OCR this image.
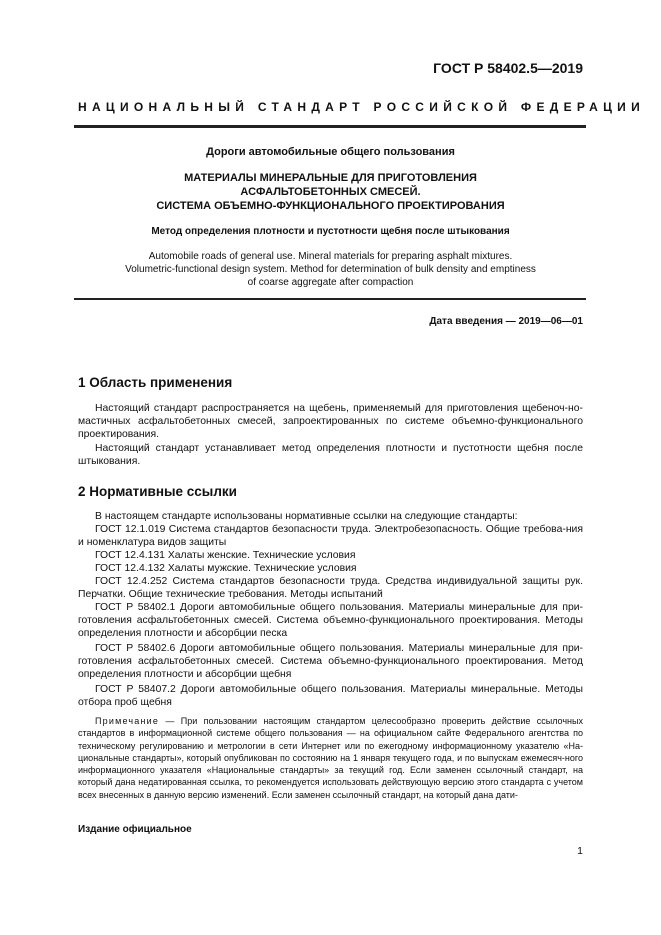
ГОСТ Р 58402.5—2019
НАЦИОНАЛЬНЫЙ СТАНДАРТ РОССИЙСКОЙ ФЕДЕРАЦИИ
Дороги автомобильные общего пользования
МАТЕРИАЛЫ МИНЕРАЛЬНЫЕ ДЛЯ ПРИГОТОВЛЕНИЯ
АСФАЛЬТОБЕТОННЫХ СМЕСЕЙ.
СИСТЕМА ОБЪЕМНО-ФУНКЦИОНАЛЬНОГО ПРОЕКТИРОВАНИЯ
Метод определения плотности и пустотности щебня после штыкования
Automobile roads of general use. Mineral materials for preparing asphalt mixtures.
Volumetric-functional design system. Method for determination of bulk density and emptiness
of coarse aggregate after compaction
Дата введения — 2019—06—01
1 Область применения

Настоящий стандарт распространяется на щебень, применяемый для приготовления щебеноч-но-мастичных асфальтобетонных смесей, запроектированных по системе объемно-функционального проектирования.

Настоящий стандарт устанавливает метод определения плотности и пустотности щебня после штыкования.

2 Нормативные ссылки

В настоящем стандарте использованы нормативные ссылки на следующие стандарты:

ГОСТ 12.1.019 Система стандартов безопасности труда. Электробезопасность. Общие требова-ния и номенклатура видов защиты

ГОСТ 12.4.131 Халаты женские. Технические условия

ГОСТ 12.4.132 Халаты мужские. Технические условия

ГОСТ 12.4.252 Система стандартов безопасности труда. Средства индивидуальной защиты рук. Перчатки. Общие технические требования. Методы испытаний

ГОСТ Р 58402.1 Дороги автомобильные общего пользования. Материалы минеральные для при-готовления асфальтобетонных смесей. Система объемно-функционального проектирования. Методы определения плотности и абсорбции песка

ГОСТ Р 58402.6 Дороги автомобильные общего пользования. Материалы минеральные для при-готовления асфальтобетонных смесей. Система объемно-функционального проектирования. Метод определения плотности и абсорбции щебня

ГОСТ Р 58407.2 Дороги автомобильные общего пользования. Материалы минеральные. Методы отбора проб щебня

Примечание — При пользовании настоящим стандартом целесообразно проверить действие ссылочных стандартов в информационной системе общего пользования — на официальном сайте Федерального агентства по техническому регулированию и метрологии в сети Интернет или по ежегодному информационному указателю «На-циональные стандарты», который опубликован по состоянию на 1 января текущего года, и по выпускам ежемесяч-ного информационного указателя «Национальные стандарты» за текущий год. Если заменен ссылочный стандарт, на который дана недатированная ссылка, то рекомендуется использовать действующую версию этого стандарта с учетом всех внесенных в данную версию изменений. Если заменен ссылочный стандарт, на который дана дати-

Издание официальное
1
